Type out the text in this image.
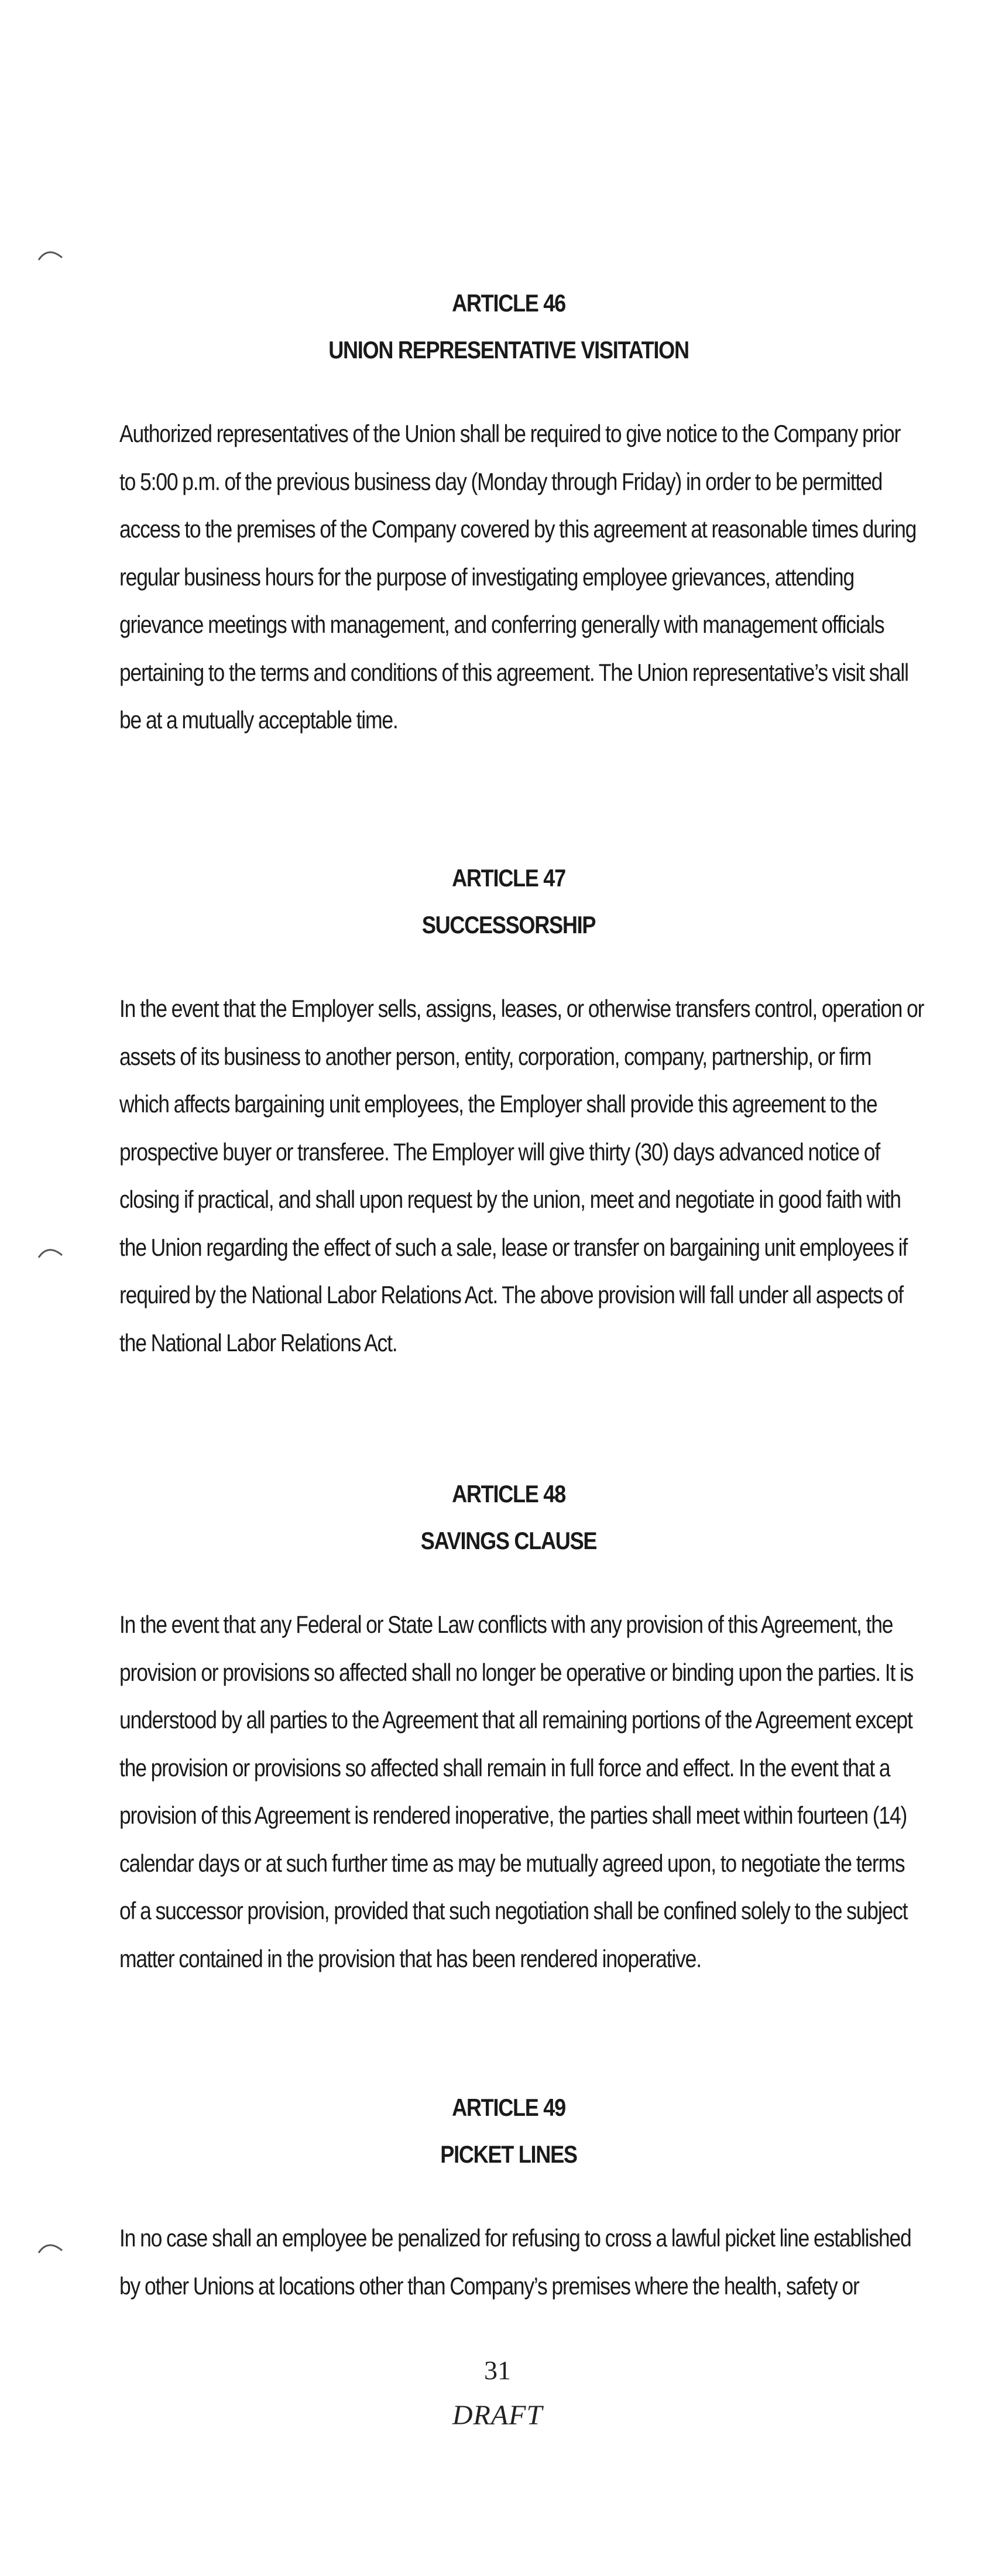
ARTICLE 46
UNION REPRESENTATIVE VISITATION
Authorized representatives of the Union shall be required to give notice to the Company prior
to 5:00 p.m. of the previous business day (Monday through Friday) in order to be permitted
access to the premises of the Company covered by this agreement at reasonable times during
regular business hours for the purpose of investigating employee grievances, attending
grievance meetings with management, and conferring generally with management officials
pertaining to the terms and conditions of this agreement. The Union representative’s visit shall
be at a mutually acceptable time.
ARTICLE 47
SUCCESSORSHIP
In the event that the Employer sells, assigns, leases, or otherwise transfers control, operation or
assets of its business to another person, entity, corporation, company, partnership, or firm
which affects bargaining unit employees, the Employer shall provide this agreement to the
prospective buyer or transferee. The Employer will give thirty (30) days advanced notice of
closing if practical, and shall upon request by the union, meet and negotiate in good faith with
the Union regarding the effect of such a sale, lease or transfer on bargaining unit employees if
required by the National Labor Relations Act. The above provision will fall under all aspects of
the National Labor Relations Act.
ARTICLE 48
SAVINGS CLAUSE
In the event that any Federal or State Law conflicts with any provision of this Agreement, the
provision or provisions so affected shall no longer be operative or binding upon the parties. It is
understood by all parties to the Agreement that all remaining portions of the Agreement except
the provision or provisions so affected shall remain in full force and effect. In the event that a
provision of this Agreement is rendered inoperative, the parties shall meet within fourteen (14)
calendar days or at such further time as may be mutually agreed upon, to negotiate the terms
of a successor provision, provided that such negotiation shall be confined solely to the subject
matter contained in the provision that has been rendered inoperative.
ARTICLE 49
PICKET LINES
In no case shall an employee be penalized for refusing to cross a lawful picket line established
by other Unions at locations other than Company’s premises where the health, safety or
31
DRAFT
